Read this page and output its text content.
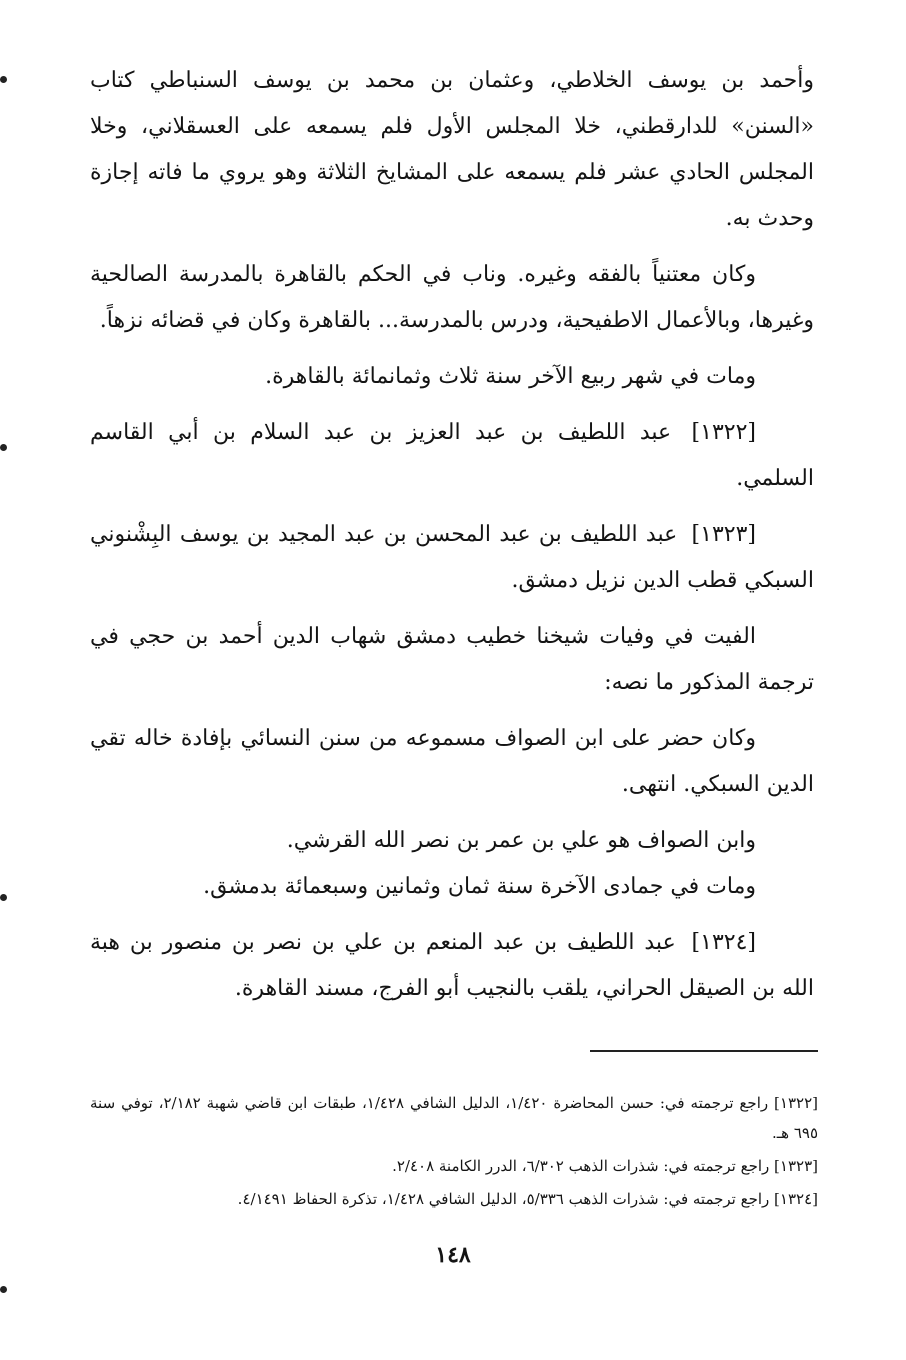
وأحمد بن يوسف الخلاطي، وعثمان بن محمد بن يوسف السنباطي كتاب «السنن» للدارقطني، خلا المجلس الأول فلم يسمعه على العسقلاني، وخلا المجلس الحادي عشر فلم يسمعه على المشايخ الثلاثة وهو يروي ما فاته إجازة وحدث به.

وكان معتنياً بالفقه وغيره. وناب في الحكم بالقاهرة بالمدرسة الصالحية وغيرها، وبالأعمال الاطفيحية، ودرس بالمدرسة... بالقاهرة وكان في قضائه نزهاً.

ومات في شهر ربيع الآخر سنة ثلاث وثمانمائة بالقاهرة.

[١٣٢٢] عبد اللطيف بن عبد العزيز بن عبد السلام بن أبي القاسم السلمي.

[١٣٢٣] عبد اللطيف بن عبد المحسن بن عبد المجيد بن يوسف البِشْنوني السبكي قطب الدين نزيل دمشق.

الفيت في وفيات شيخنا خطيب دمشق شهاب الدين أحمد بن حجي في ترجمة المذكور ما نصه:

وكان حضر على ابن الصواف مسموعه من سنن النسائي بإفادة خاله تقي الدين السبكي. انتهى.

وابن الصواف هو علي بن عمر بن نصر الله القرشي.

ومات في جمادى الآخرة سنة ثمان وثمانين وسبعمائة بدمشق.

[١٣٢٤] عبد اللطيف بن عبد المنعم بن علي بن نصر بن منصور بن هبة الله بن الصيقل الحراني، يلقب بالنجيب أبو الفرج، مسند القاهرة.

[١٣٢٢] راجع ترجمته في: حسن المحاضرة ١/٤٢٠، الدليل الشافي ١/٤٢٨، طبقات ابن قاضي شهبة ٢/١٨٢، توفي سنة ٦٩٥ هـ.

[١٣٢٣] راجع ترجمته في: شذرات الذهب ٦/٣٠٢، الدرر الكامنة ٢/٤٠٨.

[١٣٢٤] راجع ترجمته في: شذرات الذهب ٥/٣٣٦، الدليل الشافي ١/٤٢٨، تذكرة الحفاظ ٤/١٤٩١.

١٤٨
